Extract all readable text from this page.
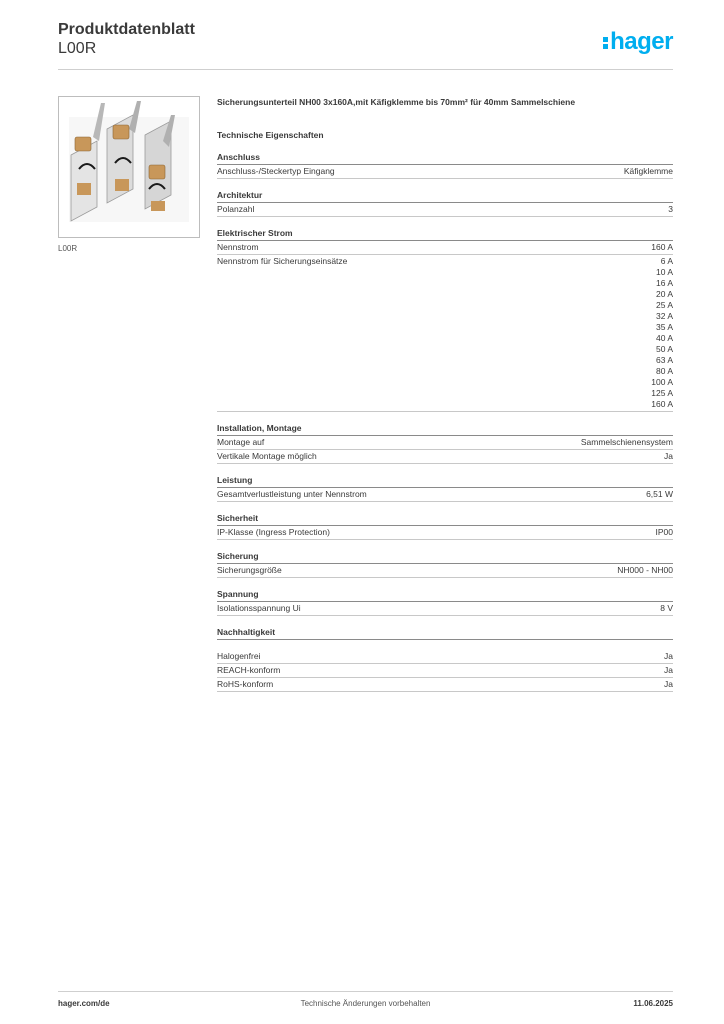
Produktdatenblatt
L00R	hager
L00R
Sicherungsunterteil NH00 3x160A,mit Käfigklemme bis 70mm² für 40mm Sammelschiene
Technische Eigenschaften
Anschluss
Anschluss-/Steckertyp Eingang	Käfigklemme
Architektur
Polanzahl	3
Elektrischer Strom
Nennstrom	160 A
Nennstrom für Sicherungseinsätze	6 A
10 A
16 A
20 A
25 A
32 A
35 A
40 A
50 A
63 A
80 A
100 A
125 A
160 A
Installation, Montage
Montage auf	Sammelschienensystem
Vertikale Montage möglich	Ja
Leistung
Gesamtverlustleistung unter Nennstrom	6,51 W
Sicherheit
IP-Klasse (Ingress Protection)	IP00
Sicherung
Sicherungsgröße	NH000 - NH00
Spannung
Isolationsspannung Ui	8 V
Nachhaltigkeit
Halogenfrei	Ja
REACH-konform	Ja
RoHS-konform	Ja
Technische Änderungen vorbehalten
hager.com/de	11.06.2025
